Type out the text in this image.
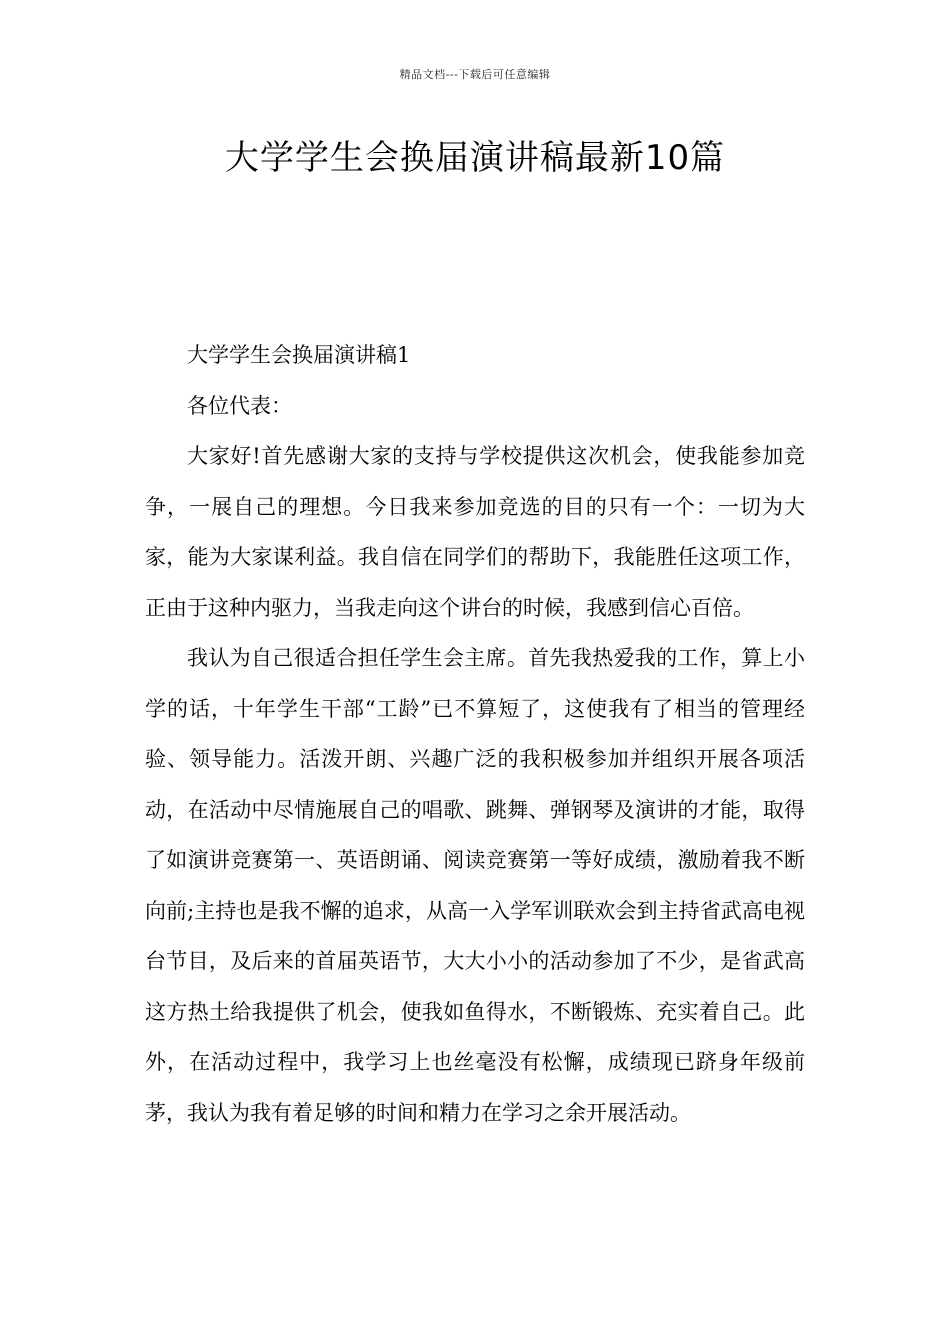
精品文档---下载后可任意编辑
大学学生会换届演讲稿最新10篇

大学学生会换届演讲稿1

各位代表：

大家好!首先感谢大家的支持与学校提供这次机会，使我能参加竞争，一展自己的理想。今日我来参加竞选的目的只有一个：一切为大家，能为大家谋利益。我自信在同学们的帮助下，我能胜任这项工作，正由于这种内驱力，当我走向这个讲台的时候，我感到信心百倍。

我认为自己很适合担任学生会主席。首先我热爱我的工作，算上小学的话，十年学生干部“工龄”已不算短了，这使我有了相当的管理经验、领导能力。活泼开朗、兴趣广泛的我积极参加并组织开展各项活动，在活动中尽情施展自己的唱歌、跳舞、弹钢琴及演讲的才能，取得了如演讲竞赛第一、英语朗诵、阅读竞赛第一等好成绩，激励着我不断向前;主持也是我不懈的追求，从高一入学军训联欢会到主持省武高电视台节目，及后来的首届英语节，大大小小的活动参加了不少，是省武高这方热土给我提供了机会，使我如鱼得水，不断锻炼、充实着自己。此外，在活动过程中，我学习上也丝毫没有松懈，成绩现已跻身年级前茅，我认为我有着足够的时间和精力在学习之余开展活动。
